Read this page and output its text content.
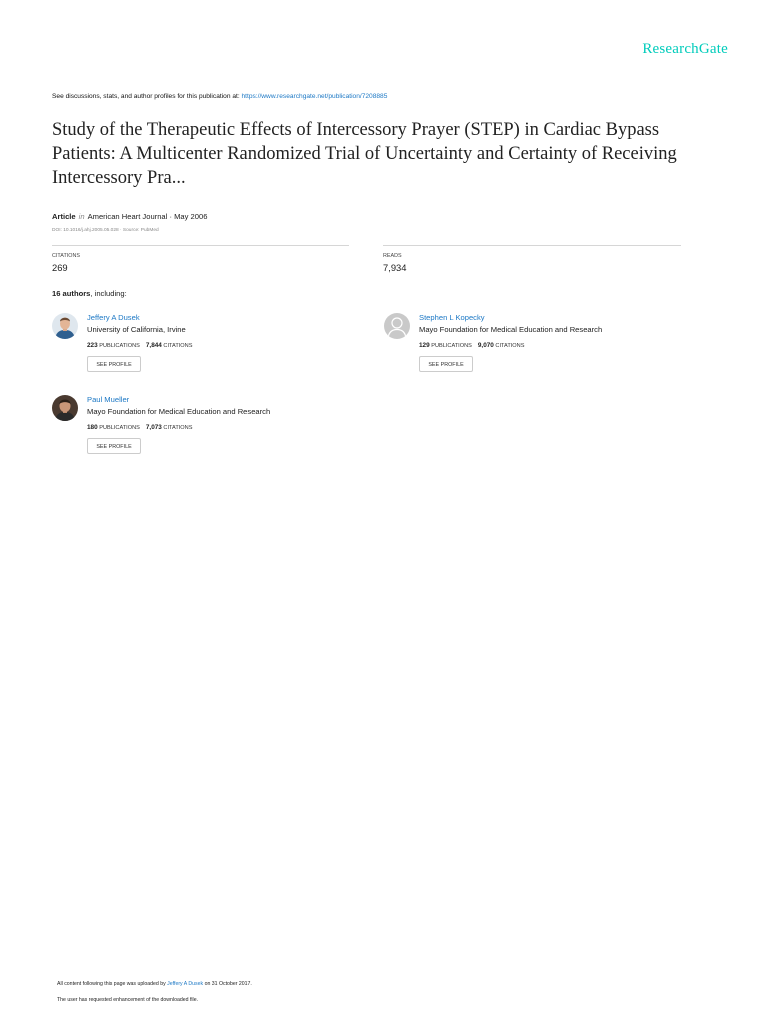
ResearchGate
See discussions, stats, and author profiles for this publication at: https://www.researchgate.net/publication/7208885
Study of the Therapeutic Effects of Intercessory Prayer (STEP) in Cardiac Bypass Patients: A Multicenter Randomized Trial of Uncertainty and Certainty of Receiving Intercessory Pra...
Article in American Heart Journal · May 2006
DOI: 10.1016/j.ahj.2005.05.028 · Source: PubMed
CITATIONS
269
READS
7,934
16 authors, including:
Jeffery A Dusek
University of California, Irvine
223 PUBLICATIONS 7,844 CITATIONS
SEE PROFILE
Stephen L Kopecky
Mayo Foundation for Medical Education and Research
129 PUBLICATIONS 9,070 CITATIONS
SEE PROFILE
Paul Mueller
Mayo Foundation for Medical Education and Research
180 PUBLICATIONS 7,073 CITATIONS
SEE PROFILE
All content following this page was uploaded by Jeffery A Dusek on 31 October 2017.
The user has requested enhancement of the downloaded file.
